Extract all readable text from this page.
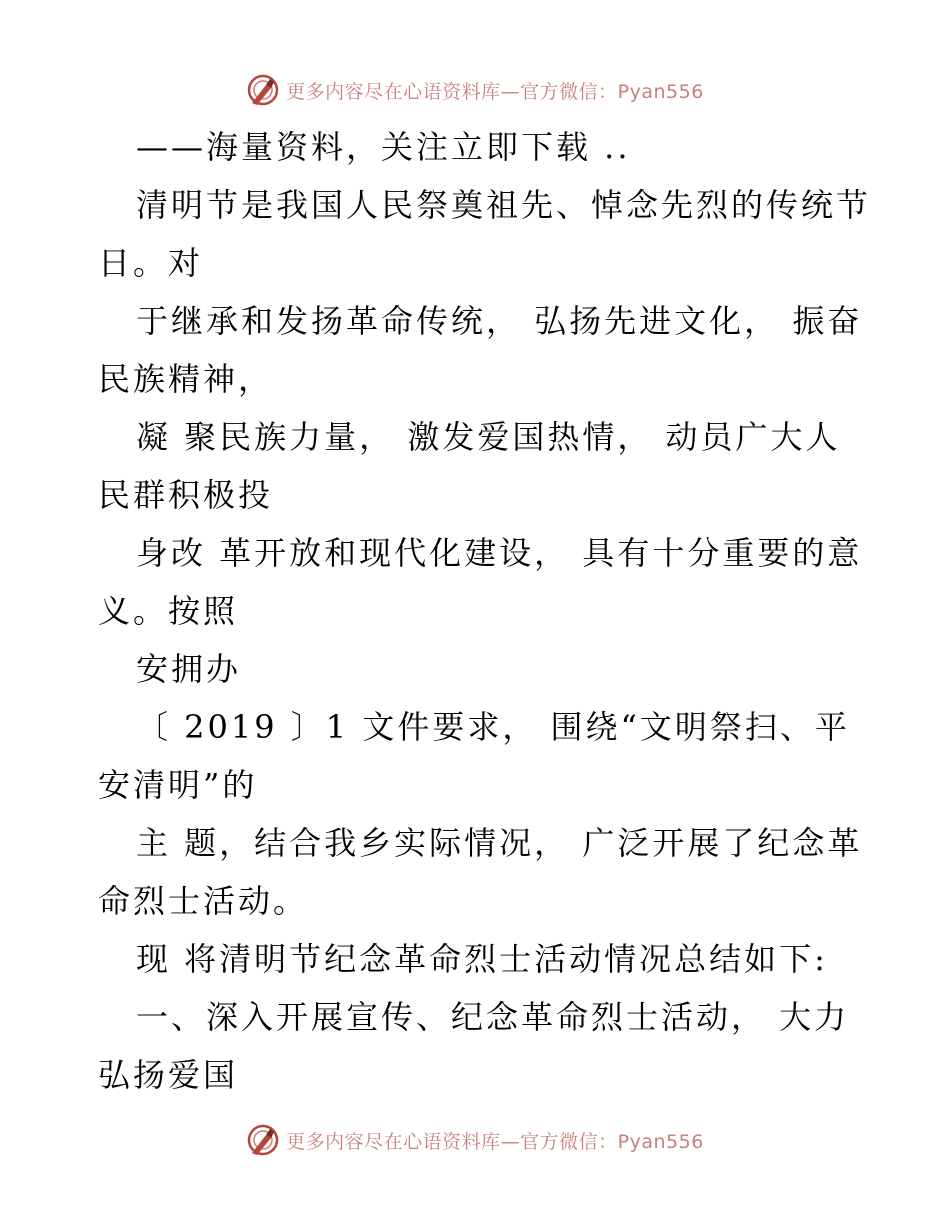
更多内容尽在心语资料库—官方微信：Pyan556
——海量资料，关注立即下载 ..
清明节是我国人民祭奠祖先、悼念先烈的传统节
日。对
于继承和发扬革命传统， 弘扬先进文化， 振奋
民族精神，
凝 聚民族力量， 激发爱国热情， 动员广大人
民群积极投
身改 革开放和现代化建设， 具有十分重要的意
义。按照
安拥办
〔 2019 〕1 文件要求， 围绕“文明祭扫、平
安清明”的
主 题，结合我乡实际情况， 广泛开展了纪念革
命烈士活动。
现 将清明节纪念革命烈士活动情况总结如下:
一、深入开展宣传、纪念革命烈士活动， 大力
弘扬爱国
更多内容尽在心语资料库—官方微信：Pyan556
